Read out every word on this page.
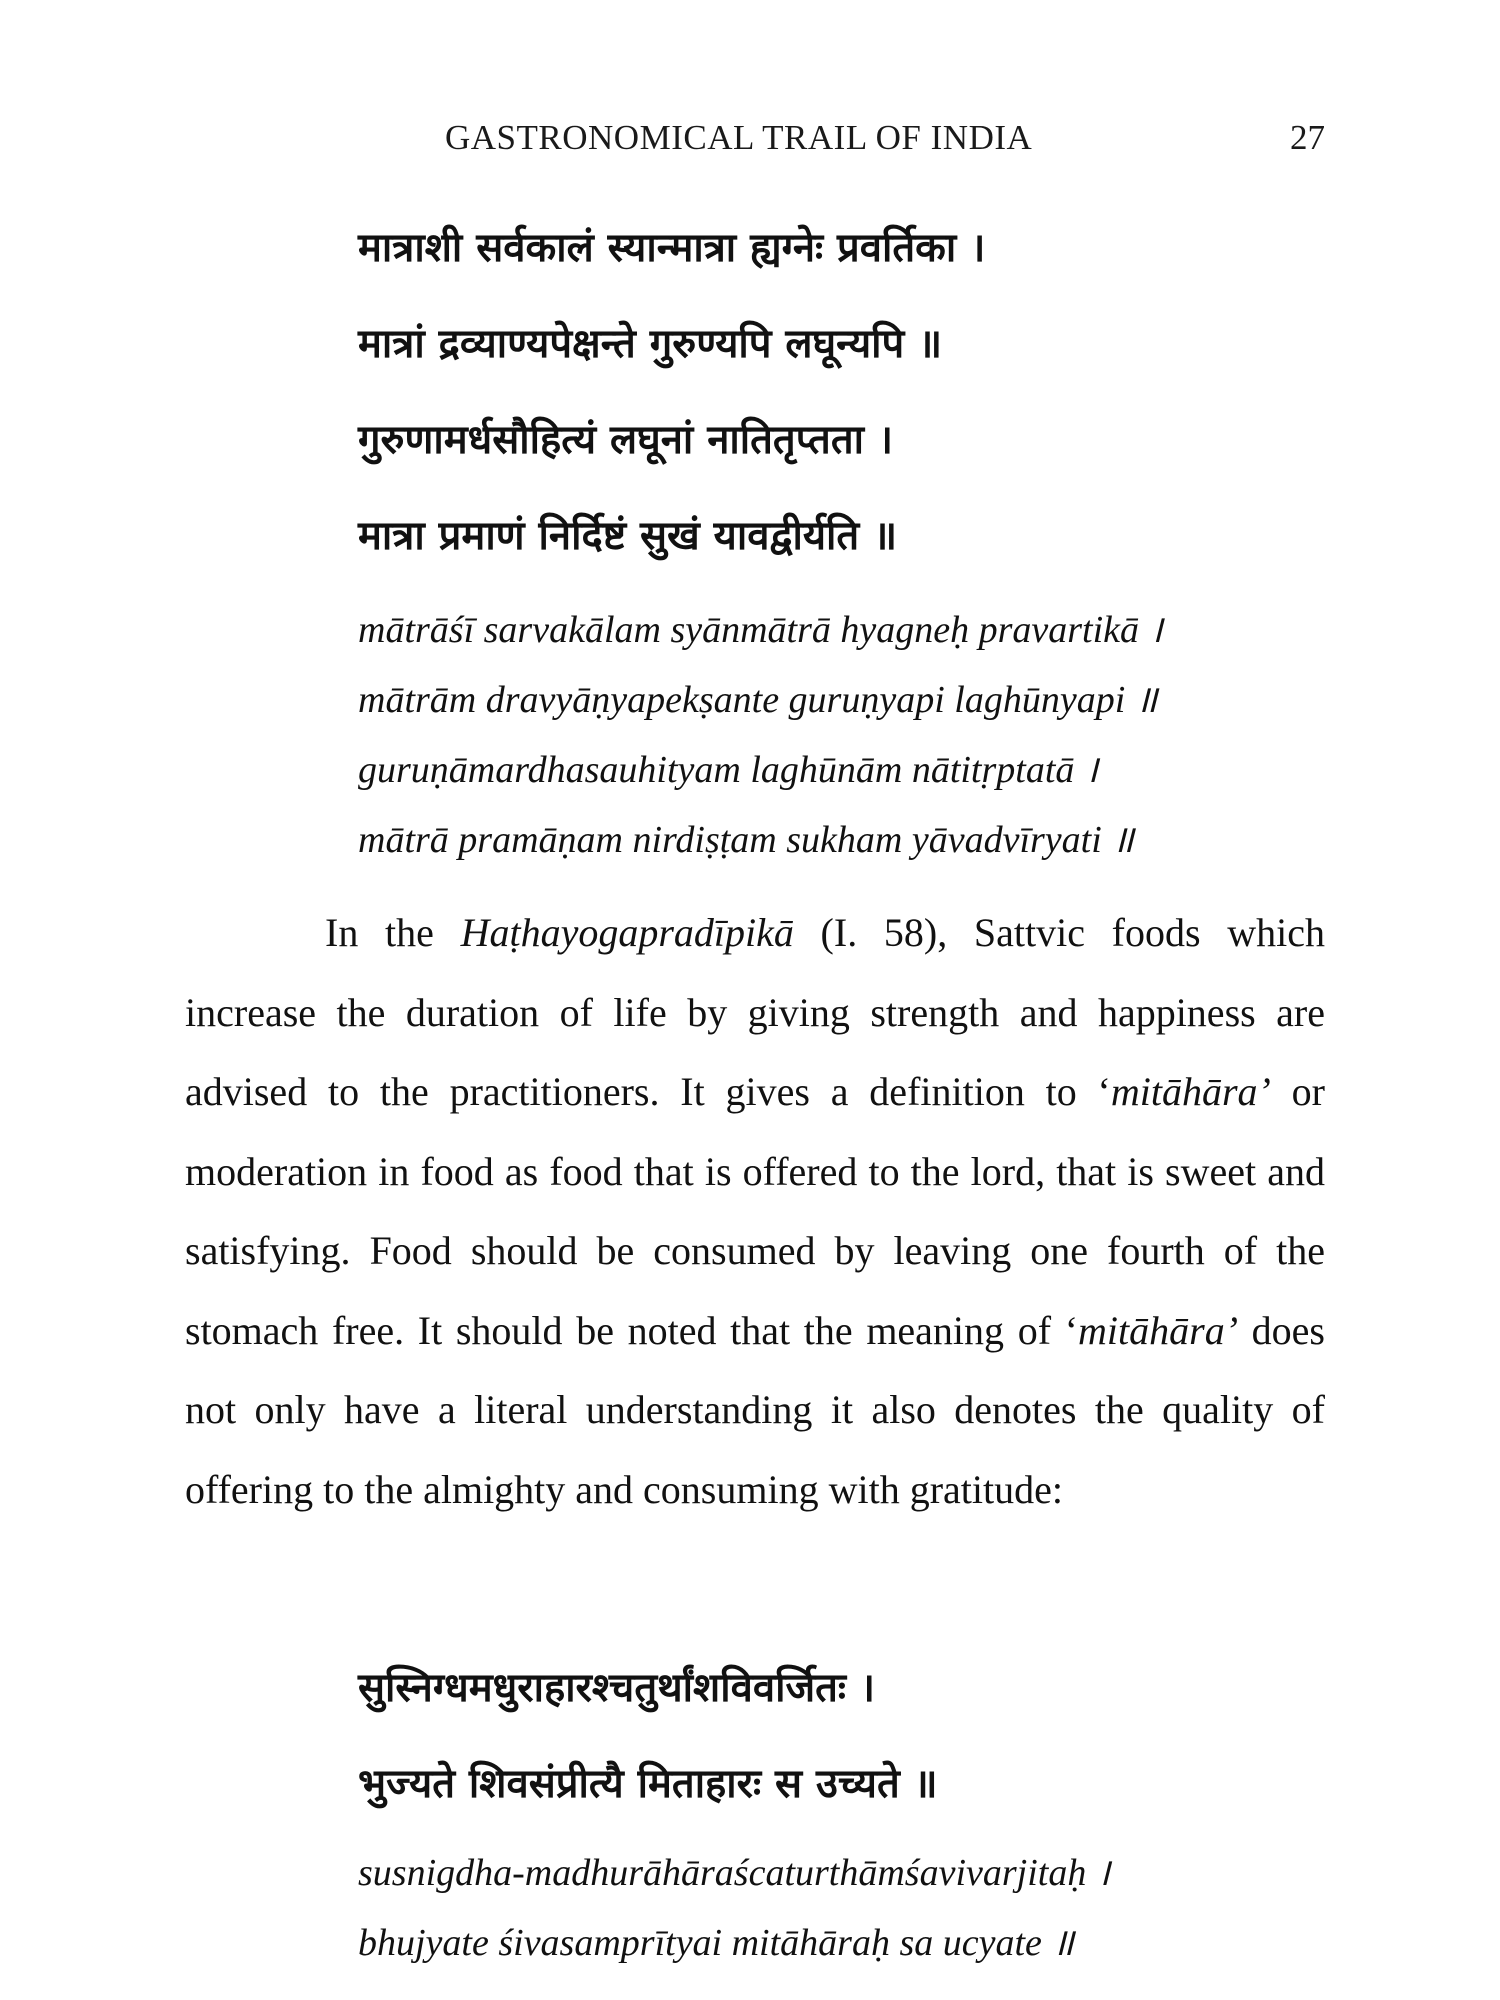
GASTRONOMICAL TRAIL OF INDIA	27
मात्राशी सर्वकालं स्यान्मात्रा ह्यग्नेः प्रवर्तिका ।
मात्रां द्रव्याण्यपेक्षन्ते गुरुण्यपि लघून्यपि ॥
गुरुणामर्धसौहित्यं लघूनां नातितृप्तता ।
मात्रा प्रमाणं निर्दिष्टं सुखं यावद्वीर्यति ॥
mātrāśī sarvakālam syānmātrā hyagneḥ pravartikā ।
mātrām dravyāṇyapekṣante guruṇyapi laghūnyapi ॥
guruṇāmardhasauhityam laghūnām nātitṛptatā ।
mātrā pramāṇam nirdiṣṭam sukham yāvadvīryati ॥
In the Haṭhayogapradīpikā (I. 58), Sattvic foods which increase the duration of life by giving strength and happiness are advised to the practitioners. It gives a definition to ‘mitāhāra’ or moderation in food as food that is offered to the lord, that is sweet and satisfying. Food should be consumed by leaving one fourth of the stomach free. It should be noted that the meaning of ‘mitāhāra’ does not only have a literal understanding it also denotes the quality of offering to the almighty and consuming with gratitude:
सुस्निग्धमधुराहारश्चतुर्थांशविवर्जितः ।
भुज्यते शिवसंप्रीत्यै मिताहारः स उच्यते ॥
susnigdha-madhurāhāraścaturthāmśavivarjitaḥ ।
bhujyate śivasamprītyai mitāhāraḥ sa ucyate ॥
